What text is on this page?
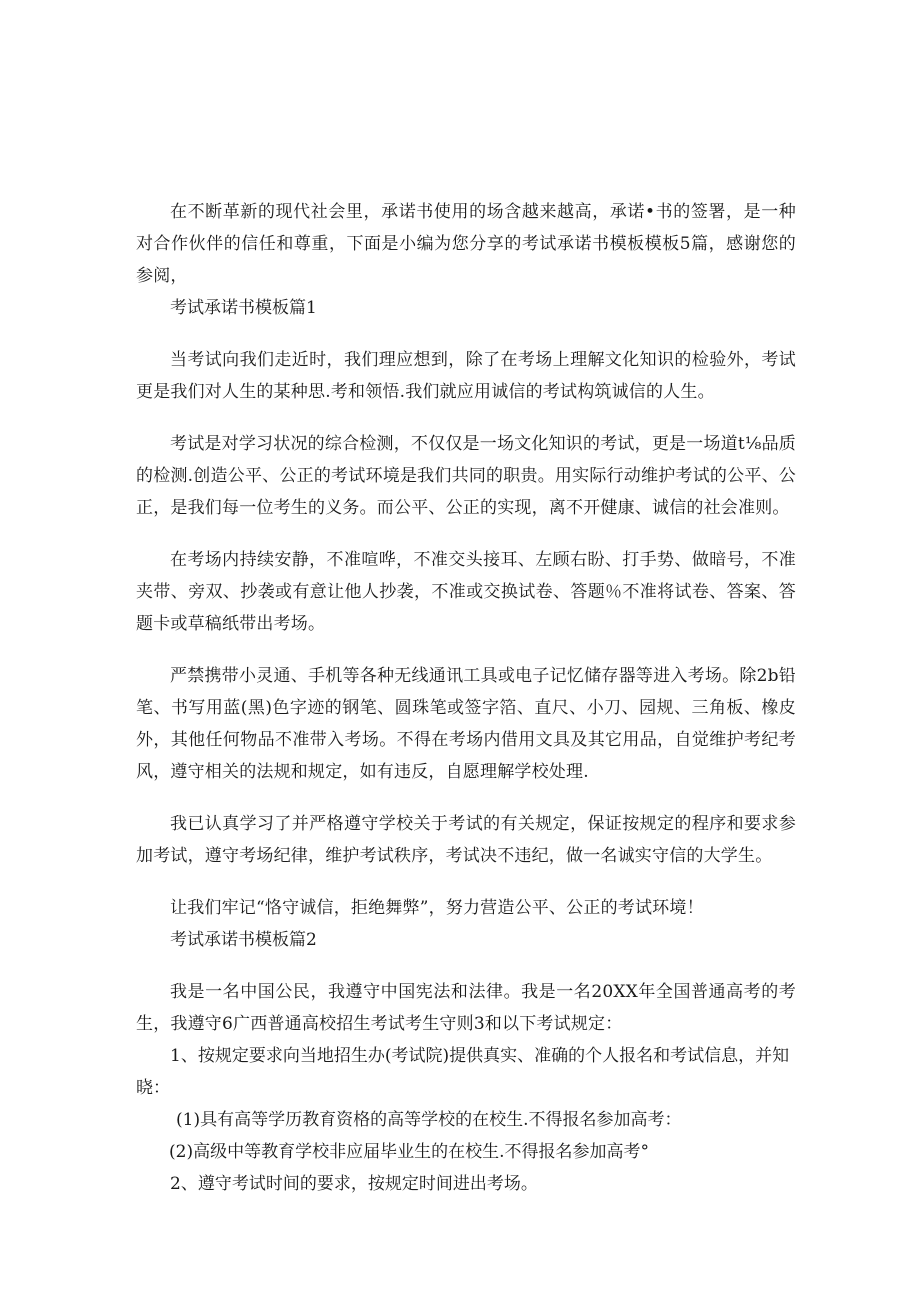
在不断革新的现代社会里，承诺书使用的场含越来越高，承诺•书的签署，是一种对合作伙伴的信任和尊重，下面是小编为您分享的考试承诺书模板模板5篇，感谢您的参阅，

考试承诺书模板篇1

当考试向我们走近时，我们理应想到，除了在考场上理解文化知识的检验外，考试更是我们对人生的某种思.考和领悟.我们就应用诚信的考试构筑诚信的人生。

考试是对学习状况的综合检测，不仅仅是一场文化知识的考试，更是一场道t⅛品质的检测.创造公平、公正的考试环境是我们共同的职贵。用实际行动维护考试的公平、公正，是我们每一位考生的义务。而公平、公正的实现，离不开健康、诚信的社会准则。

在考场内持续安静，不准喧哗，不准交头接耳、左顾右盼、打手势、做暗号，不准夹带、旁双、抄袭或有意让他人抄袭，不准或交换试卷、答题％不准将试卷、答案、答题卡或草稿纸带出考场。

严禁携带小灵通、手机等各种无线通讯工具或电子记忆储存器等进入考场。除2b铅笔、书写用蓝(黑)色字迹的钢笔、圆珠笔或签字箔、直尺、小刀、园规、三角板、橡皮外，其他任何物品不准带入考场。不得在考场内借用文具及其它用品，自觉维护考纪考风，遵守相关的法规和规定，如有违反，自愿理解学校处理.

我已认真学习了并严格遵守学校关于考试的有关规定，保证按规定的程序和要求参加考试，遵守考场纪律，维护考试秩序，考试决不违纪，做一名诚实守信的大学生。

让我们牢记“恪守诚信，拒绝舞弊”，努力营造公平、公正的考试环境！

考试承诺书模板篇2

我是一名中国公民，我遵守中国宪法和法律。我是一名20XX年全国普通高考的考生，我遵守6广西普通高校招生考试考生守则3和以下考试规定：

1、按规定要求向当地招生办(考试院)提供真实、准确的个人报名和考试信息，并知晓：

(1)具有高等学历教育资格的高等学校的在校生.不得报名参加高考：

(2)高级中等教育学校非应届毕业生的在校生.不得报名参加高考°

2、遵守考试时间的要求，按规定时间进出考场。
